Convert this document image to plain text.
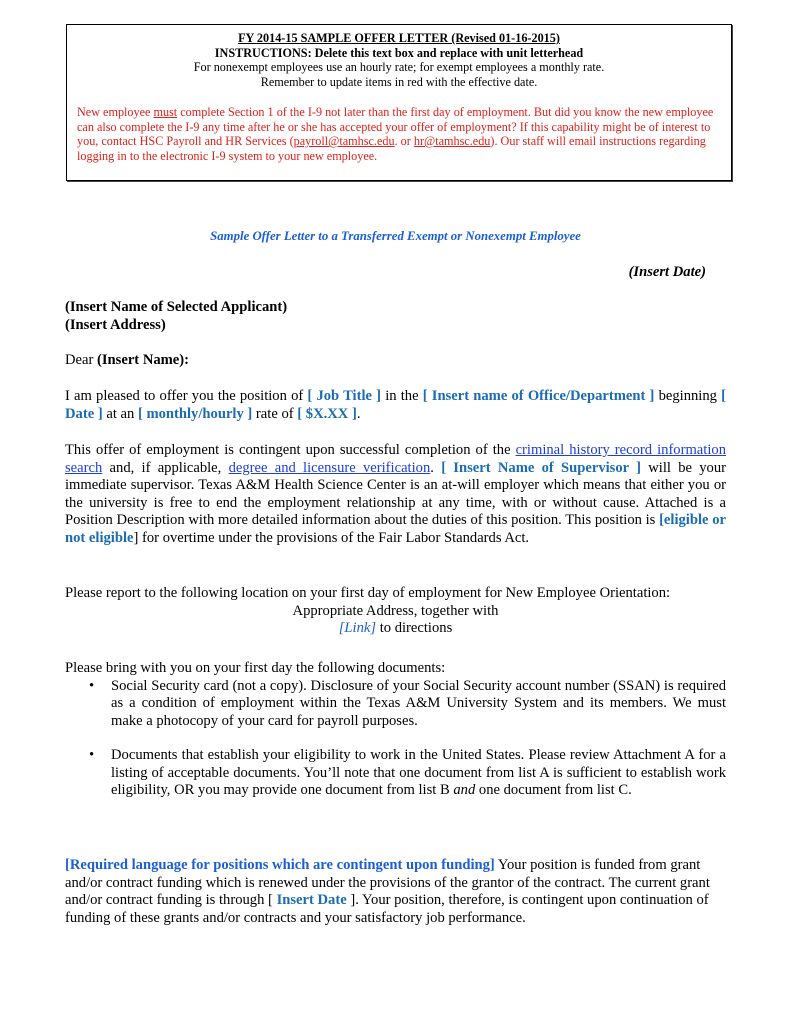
FY 2014-15 SAMPLE OFFER LETTER (Revised 01-16-2015)
INSTRUCTIONS: Delete this text box and replace with unit letterhead
For nonexempt employees use an hourly rate; for exempt employees a monthly rate.
Remember to update items in red with the effective date.
New employee must complete Section 1 of the I-9 not later than the first day of employment. But did you know the new employee can also complete the I-9 any time after he or she has accepted your offer of employment? If this capability might be of interest to you, contact HSC Payroll and HR Services (payroll@tamhsc.edu. or hr@tamhsc.edu). Our staff will email instructions regarding logging in to the electronic I-9 system to your new employee.
Sample Offer Letter to a Transferred Exempt or Nonexempt Employee
(Insert Date)
(Insert Name of Selected Applicant)
(Insert Address)
Dear (Insert Name):
I am pleased to offer you the position of [ Job Title ] in the [ Insert name of Office/Department ] beginning [ Date ] at an [ monthly/hourly ] rate of [ $X.XX ].
This offer of employment is contingent upon successful completion of the criminal history record information search and, if applicable, degree and licensure verification. [ Insert Name of Supervisor ] will be your immediate supervisor. Texas A&M Health Science Center is an at-will employer which means that either you or the university is free to end the employment relationship at any time, with or without cause. Attached is a Position Description with more detailed information about the duties of this position. This position is [eligible or not eligible] for overtime under the provisions of the Fair Labor Standards Act.
Please report to the following location on your first day of employment for New Employee Orientation:
Appropriate Address, together with
[Link] to directions
Please bring with you on your first day the following documents:
• Social Security card (not a copy). Disclosure of your Social Security account number (SSAN) is required as a condition of employment within the Texas A&M University System and its members. We must make a photocopy of your card for payroll purposes.
• Documents that establish your eligibility to work in the United States. Please review Attachment A for a listing of acceptable documents. You’ll note that one document from list A is sufficient to establish work eligibility, OR you may provide one document from list B and one document from list C.
[Required language for positions which are contingent upon funding] Your position is funded from grant and/or contract funding which is renewed under the provisions of the grantor of the contract. The current grant and/or contract funding is through [ Insert Date ]. Your position, therefore, is contingent upon continuation of funding of these grants and/or contracts and your satisfactory job performance.
